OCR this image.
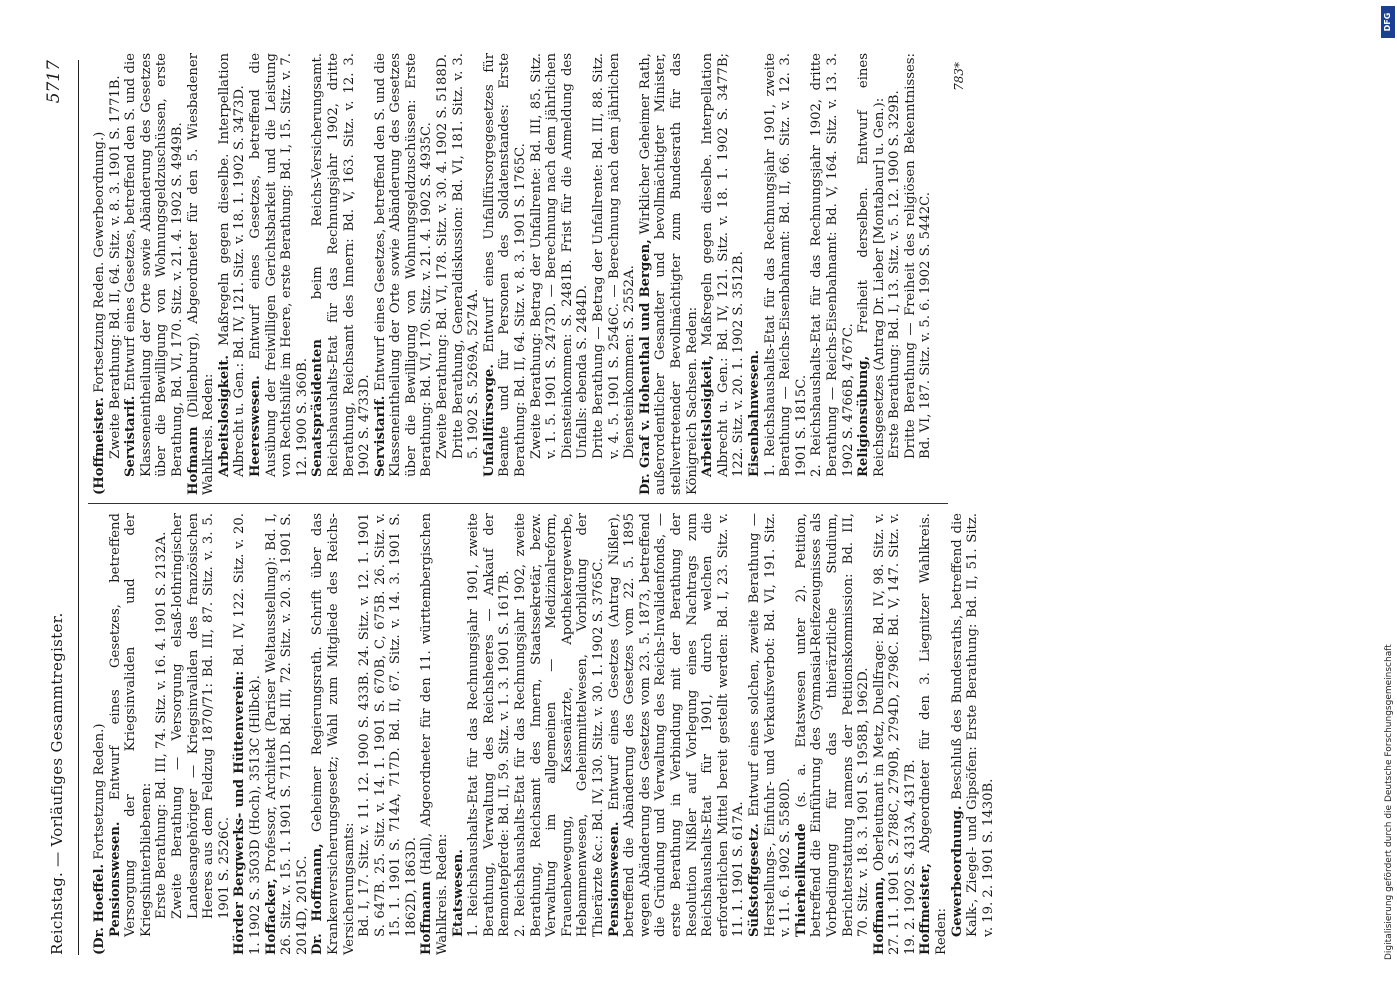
Reichstag. — Vorläufiges Gesammtregister.
5717

(Dr. Hoeffel. Fortsetzung Reden.)

Pensionswesen. Entwurf eines Gesetzes, betreffend Versorgung der Kriegsinvaliden und der Kriegshinterbliebenen: Erste Berathung: Bd. III, 74. Sitz. v. 16. 4. 1901 S. 2132A. Zweite Berathung — Versorgung elsaß-lothringischer Landesangehöriger — Kriegsinvaliden des französischen Heeres aus dem Feldzug 1870/71: Bd. III, 87. Sitz. v. 3. 5. 1901 S. 2526C. Hörder Bergwerks- und Hüttenverein: Bd. IV, 122. Sitz. v. 20. 1. 1902 S. 3503D (Hoch), 3513C (Hilbck). Hoffacker, Professor, Architekt (Pariser Weltausstellung): Bd. I, 26. Sitz. v. 15. 1. 1901 S. 711D. Bd. III, 72. Sitz. v. 20. 3. 1901 S. 2014D, 2015C. Dr. Hoffmann, Geheimer Regierungsrath. Schrift über das Krankenversicherungsgesetz; Wahl zum Mitgliede des Reichs-Versicherungsamts: Bd. I, 17. Sitz. v. 11. 12. 1900 S. 433B. 24. Sitz. v. 12. 1. 1901 S. 647B. 25. Sitz. v. 14. 1. 1901 S. 670B, C, 675B. 26. Sitz. v. 15. 1. 1901 S. 714A, 717D. Bd. II, 67. Sitz. v. 14. 3. 1901 S. 1862D, 1863D. Hoffmann (Hall), Abgeordneter für den 11. württembergischen Wahlkreis. Reden: Etatswesen. 1. Reichshaushalts-Etat für das Rechnungsjahr 1901, zweite Berathung, Verwaltung des Reichsheeres — Ankauf der Remontepferde: Bd. II, 59. Sitz. v. 1. 3. 1901 S. 1617B. 2. Reichshaushalts-Etat für das Rechnungsjahr 1902, zweite Berathung, Reichsamt des Innern, Staatssekretär, bezw. Verwaltung im allgemeinen — Medizinalreform, Frauenbewegung, Kassenärzte, Apothekergewerbe, Hebammenwesen, Geheimmittelwesen, Vorbildung der Thierärzte &c.: Bd. IV, 130. Sitz. v. 30. 1. 1902 S. 3765C. Pensionswesen. Entwurf eines Gesetzes (Antrag Nißler), betreffend die Abänderung des Gesetzes vom 22. 5. 1895 wegen Abänderung des Gesetzes vom 23. 5. 1873, betreffend die Gründung und Verwaltung des Reichs-Invalidenfonds, — erste Berathung in Verbindung mit der Berathung der Resolution Nißler auf Vorlegung eines Nachtrags zum Reichshaushalts-Etat für 1901, durch welchen die erforderlichen Mittel bereit gestellt werden: Bd. I, 23. Sitz. v. 11. 1. 1901 S. 617A. Süßstoffgesetz. Entwurf eines solchen, zweite Berathung — Herstellungs-, Einfuhr- und Verkaufsverbot: Bd. VI, 191. Sitz. v. 11. 6. 1902 S. 5580D. Thierheilkunde (s. a. Etatswesen unter 2). Petition, betreffend die Einführung des Gymnasial-Reifezeugnisses als Vorbedingung für das thierärztliche Studium, Berichterstattung namens der Petitionskommission: Bd. III, 70. Sitz. v. 18. 3. 1901 S. 1958B, 1962D. Hoffmann, Oberleutnant in Metz, Duellfrage: Bd. IV, 98. Sitz. v. 27. 11. 1901 S. 2788C, 2790B, 2794D, 2798C. Bd. V, 147. Sitz. v. 19. 2. 1902 S. 4313A, 4317B. Hoffmeister, Abgeordneter für den 3. Liegnitzer Wahlkreis. Reden: Gewerbeordnung. Beschluß des Bundesraths, betreffend die Kalk-, Ziegel- und Gipsöfen: Erste Berathung: Bd. II, 51. Sitz. v. 19. 2. 1901 S. 1430B.

(Hoffmeister. Fortsetzung Reden. Gewerbeordnung.) Zweite Berathung: Bd. II, 64. Sitz. v. 8. 3. 1901 S. 1771B. Servistarif. Entwurf eines Gesetzes, betreffend den S. und die Klasseneintheilung der Orte sowie Abänderung des Gesetzes über die Bewilligung von Wohnungsgeldzuschüssen, erste Berathung, Bd. VI, 170. Sitz. v. 21. 4. 1902 S. 4949B. Hofmann (Dillenburg), Abgeordneter für den 5. Wiesbadener Wahlkreis. Reden: Arbeitslosigkeit. Maßregeln gegen dieselbe. Interpellation Albrecht u. Gen.: Bd. IV, 121. Sitz. v. 18. 1. 1902 S. 3473D. Heereswesen. Entwurf eines Gesetzes, betreffend die Ausübung der freiwilligen Gerichtsbarkeit und die Leistung von Rechtshilfe im Heere, erste Berathung: Bd. I, 15. Sitz. v. 7. 12. 1900 S. 360B. Senatspräsidenten beim Reichs-Versicherungsamt. Reichshaushalts-Etat für das Rechnungsjahr 1902, dritte Berathung, Reichsamt des Innern: Bd. V, 163. Sitz. v. 12. 3. 1902 S. 4733D. Servistarif. Entwurf eines Gesetzes, betreffend den S. und die Klasseneintheilung der Orte sowie Abänderung des Gesetzes über die Bewilligung von Wohnungsgeldzuschüssen: Erste Berathung: Bd. VI, 170. Sitz. v. 21. 4. 1902 S. 4935C. Zweite Berathung: Bd. VI, 178. Sitz. v. 30. 4. 1902 S. 5188D. Dritte Berathung, Generaldiskussion: Bd. VI, 181. Sitz. v. 3. 5. 1902 S. 5269A, 5274A. Unfallfürsorge. Entwurf eines Unfallfürsorgegesetzes für Beamte und für Personen des Soldatenstandes: Erste Berathung: Bd. II, 64. Sitz. v. 8. 3. 1901 S. 1765C. Zweite Berathung: Betrag der Unfallrente: Bd. III, 85. Sitz. v. 1. 5. 1901 S. 2473D. — Berechnung nach dem jährlichen Diensteinkommen: S. 2481B. Frist für die Anmeldung des Unfalls: ebenda S. 2484D. Dritte Berathung — Betrag der Unfallrente: Bd. III, 88. Sitz. v. 4. 5. 1901 S. 2546C. — Berechnung nach dem jährlichen Diensteinkommen: S. 2552A. Dr. Graf v. Hohenthal und Bergen, Wirklicher Geheimer Rath, außerordentlicher Gesandter und bevollmächtigter Minister, stellvertretender Bevollmächtigter zum Bundesrath für das Königreich Sachsen. Reden: Arbeitslosigkeit, Maßregeln gegen dieselbe. Interpellation Albrecht u. Gen.: Bd. IV, 121. Sitz. v. 18. 1. 1902 S. 3477B; 122. Sitz. v. 20. 1. 1902 S. 3512B. Eisenbahnwesen. 1. Reichshaushalts-Etat für das Rechnungsjahr 1901, zweite Berathung — Reichs-Eisenbahnamt: Bd. II, 66. Sitz. v. 12. 3. 1901 S. 1815C. 2. Reichshaushalts-Etat für das Rechnungsjahr 1902, dritte Berathung — Reichs-Eisenbahnamt: Bd. V, 164. Sitz. v. 13. 3. 1902 S. 4766B, 4767C. Religionsübung, Freiheit derselben. Entwurf eines Reichsgesetzes (Antrag Dr. Lieber [Montabaur] u. Gen.): Erste Berathung: Bd. I, 13. Sitz. v. 5. 12. 1900 S. 329B. Dritte Berathung — Freiheit des religiösen Bekenntnisses: Bd. VI, 187. Sitz. v. 5. 6. 1902 S. 5442C.

783*
DFG
Digitalisierung gefördert durch die Deutsche Forschungsgemeinschaft
